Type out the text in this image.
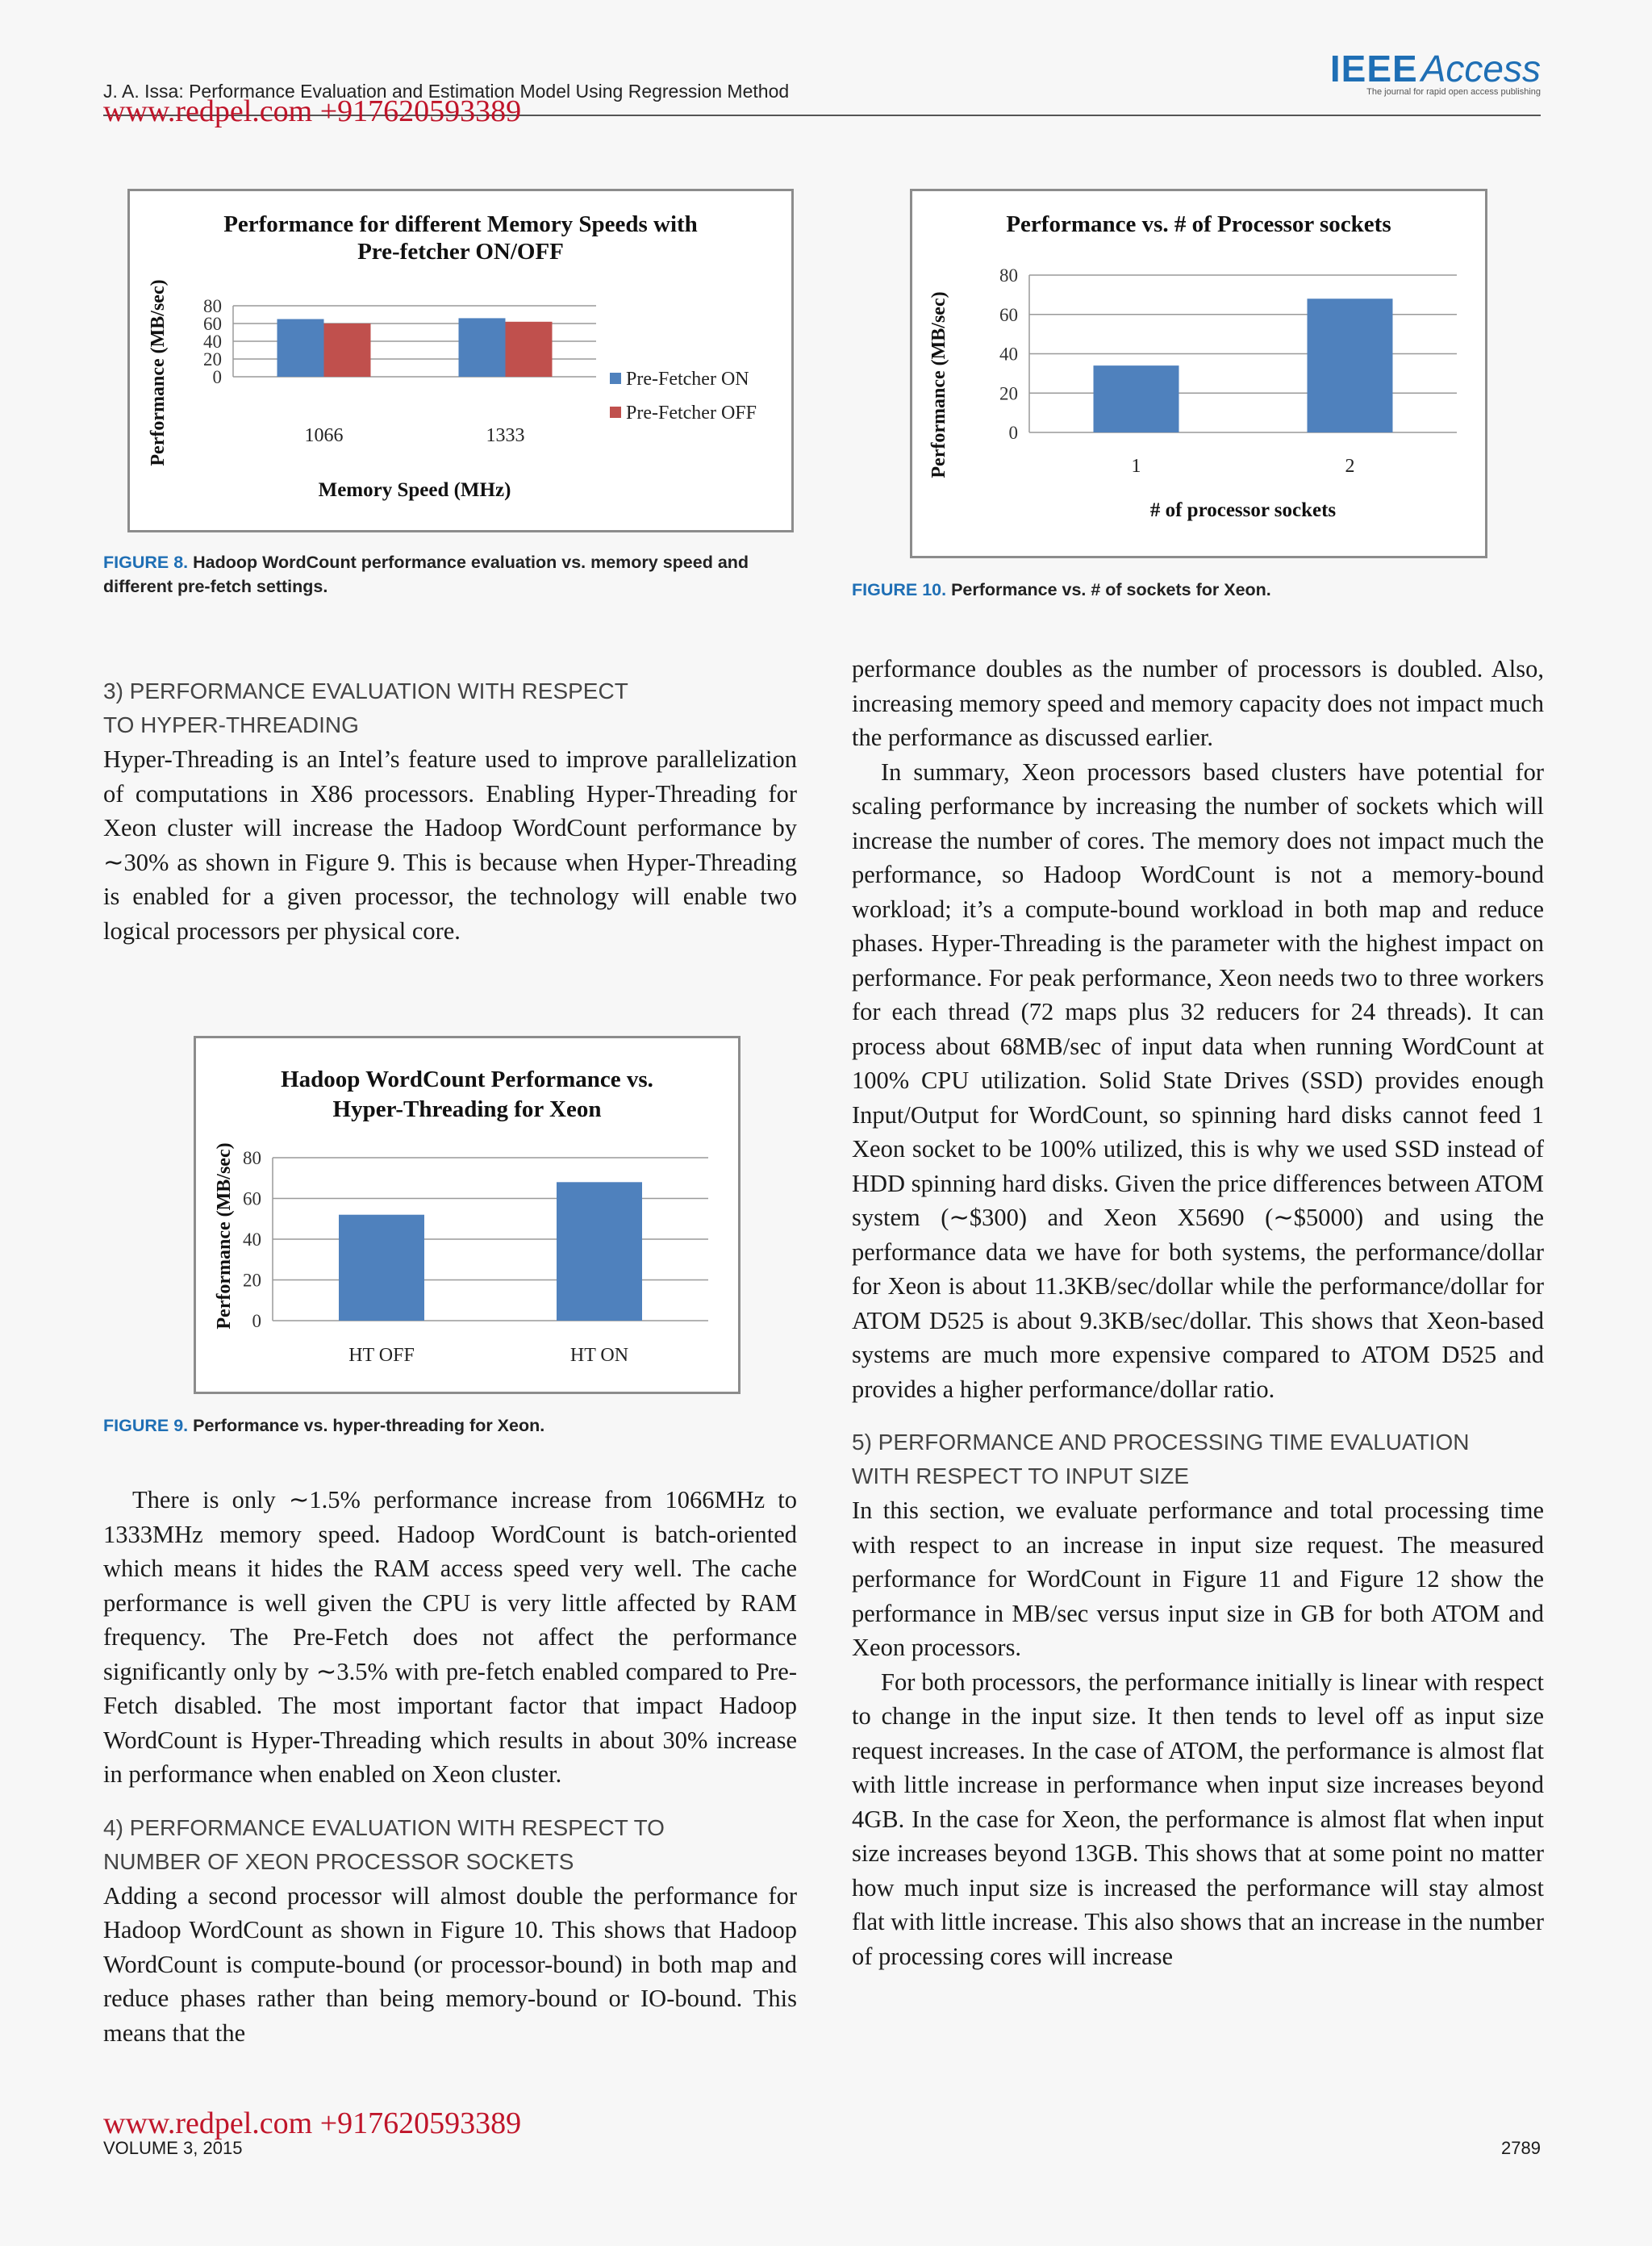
J. A. Issa: Performance Evaluation and Estimation Model Using Regression Method
IEEE Access
The journal for rapid open access publishing
www.redpel.com +917620593389
Performance for different Memory Speeds with
Pre-fetcher ON/OFF
0
20
40
60
80
Performance (MB/sec)	1066	1333
Memory Speed (MHz)
Pre-Fetcher ON
Pre-Fetcher OFF
FIGURE 8. Hadoop WordCount performance evaluation vs. memory speed and different pre-fetch settings.
Performance vs. # of Processor sockets
0
20
40
60
80
Performance (MB/sec)	1	2
# of processor sockets
FIGURE 10. Performance vs. # of sockets for Xeon.
Hadoop WordCount Performance vs.
Hyper-Threading for Xeon
0
20
40
60
80
Performance (MB/sec)
HT OFF	HT ON
FIGURE 9. Performance vs. hyper-threading for Xeon.
3) PERFORMANCE EVALUATION WITH RESPECT
TO HYPER-THREADING

Hyper-Threading is an Intel’s feature used to improve parallelization of computations in X86 processors. Enabling Hyper-Threading for Xeon cluster will increase the Hadoop WordCount performance by ∼30% as shown in Figure 9. This is because when Hyper-Threading is enabled for a given processor, the technology will enable two logical processors per physical core.

There is only ∼1.5% performance increase from 1066MHz to 1333MHz memory speed. Hadoop WordCount is batch-oriented which means it hides the RAM access speed very well. The cache performance is well given the CPU is very little affected by RAM frequency. The Pre-Fetch does not affect the performance significantly only by ∼3.5% with pre-fetch enabled compared to Pre-Fetch disabled. The most important factor that impact Hadoop WordCount is Hyper-Threading which results in about 30% increase in performance when enabled on Xeon cluster.

4) PERFORMANCE EVALUATION WITH RESPECT TO
NUMBER OF XEON PROCESSOR SOCKETS

Adding a second processor will almost double the performance for Hadoop WordCount as shown in Figure 10. This shows that Hadoop WordCount is compute-bound (or processor-bound) in both map and reduce phases rather than being memory-bound or IO-bound. This means that the

performance doubles as the number of processors is doubled. Also, increasing memory speed and memory capacity does not impact much the performance as discussed earlier.

In summary, Xeon processors based clusters have potential for scaling performance by increasing the number of sockets which will increase the number of cores. The memory does not impact much the performance, so Hadoop WordCount is not a memory-bound workload; it’s a compute-bound workload in both map and reduce phases. Hyper-Threading is the parameter with the highest impact on performance. For peak performance, Xeon needs two to three workers for each thread (72 maps plus 32 reducers for 24 threads). It can process about 68MB/sec of input data when running WordCount at 100% CPU utilization. Solid State Drives (SSD) provides enough Input/Output for WordCount, so spinning hard disks cannot feed 1 Xeon socket to be 100% utilized, this is why we used SSD instead of HDD spinning hard disks. Given the price differences between ATOM system (∼$300) and Xeon X5690 (∼$5000) and using the performance data we have for both systems, the performance/dollar for Xeon is about 11.3KB/sec/dollar while the performance/dollar for ATOM D525 is about 9.3KB/sec/dollar. This shows that Xeon-based systems are much more expensive compared to ATOM D525 and provides a higher performance/dollar ratio.

5) PERFORMANCE AND PROCESSING TIME EVALUATION
WITH RESPECT TO INPUT SIZE

In this section, we evaluate performance and total processing time with respect to an increase in input size request. The measured performance for WordCount in Figure 11 and Figure 12 show the performance in MB/sec versus input size in GB for both ATOM and Xeon processors.

For both processors, the performance initially is linear with respect to change in the input size. It then tends to level off as input size request increases. In the case of ATOM, the performance is almost flat with little increase in performance when input size increases beyond 4GB. In the case for Xeon, the performance is almost flat when input size increases beyond 13GB. This shows that at some point no matter how much input size is increased the performance will stay almost flat with little increase. This also shows that an increase in the number of processing cores will increase

www.redpel.com +917620593389
VOLUME 3, 2015	2789
